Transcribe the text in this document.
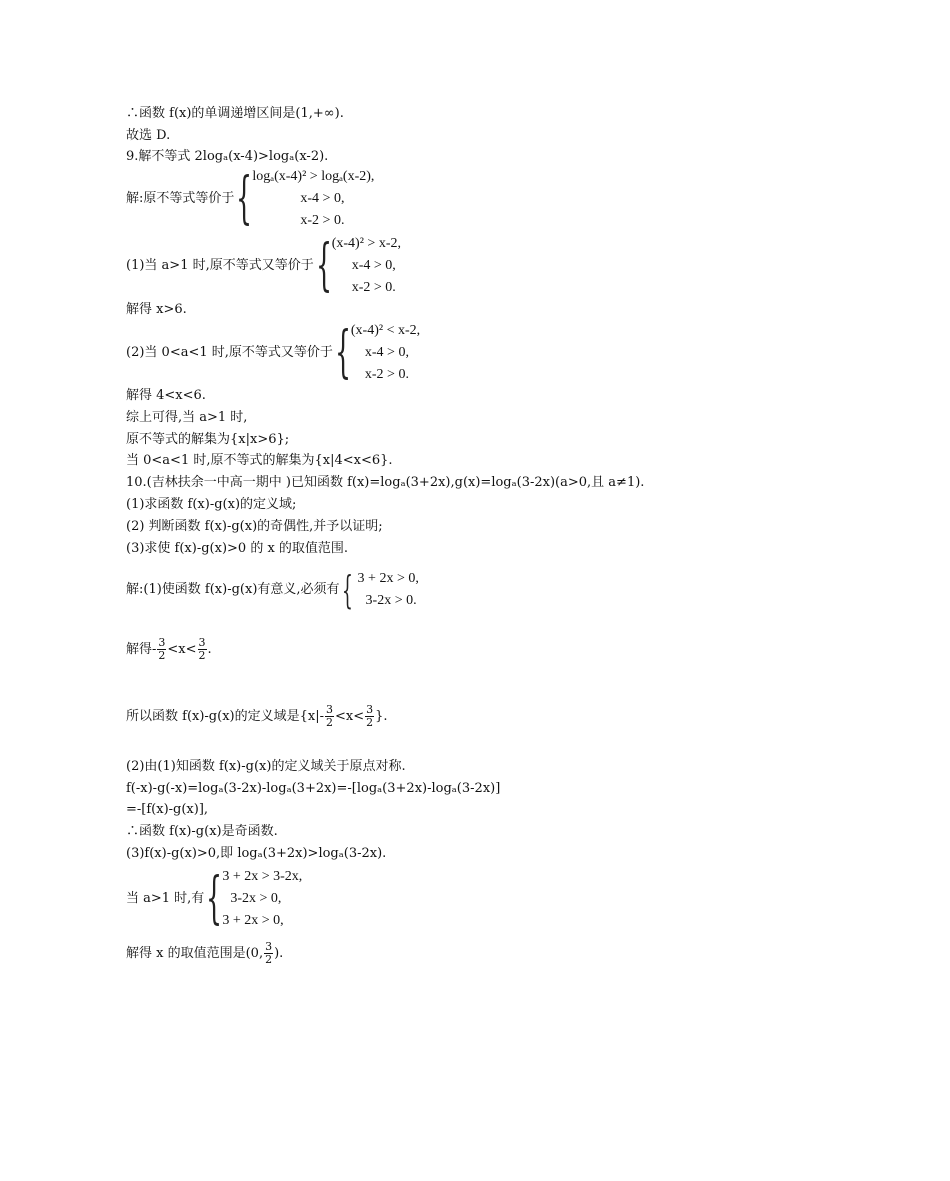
∴函数 f(x)的单调递增区间是(1,+∞).
故选 D.
9.解不等式 2logₐ(x-4)>logₐ(x-2).
解:原不等式等价于 { logₐ(x-4)² > logₐ(x-2),
x-4 > 0,
x-2 > 0.
(1)当 a>1 时,原不等式又等价于 { (x-4)² > x-2,
x-4 > 0,
x-2 > 0.
解得 x>6.
(2)当 0<a<1 时,原不等式又等价于 { (x-4)² < x-2,
x-4 > 0,
x-2 > 0.
解得 4<x<6.
综上可得,当 a>1 时,
原不等式的解集为{x|x>6};
当 0<a<1 时,原不等式的解集为{x|4<x<6}.
10.(吉林扶余一中高一期中 )已知函数 f(x)=logₐ(3+2x),g(x)=logₐ(3-2x)(a>0,且 a≠1).
(1)求函数 f(x)-g(x)的定义域;
(2) 判断函数 f(x)-g(x)的奇偶性,并予以证明;
(3)求使 f(x)-g(x)>0 的 x 的取值范围.
解:(1)使函数 f(x)-g(x)有意义,必须有 { 3 + 2x > 0,
3-2x > 0.
解得- $\frac{3}{2} <x< \frac{3}{2}$ .
所以函数 f(x)-g(x)的定义域是{$x|- \frac{3}{2} <x< \frac{3}{2}$ }.
(2)由(1)知函数 f(x)-g(x)的定义域关于原点对称.
f(-x)-g(-x)=logₐ(3-2x)-logₐ(3+2x)=-[logₐ(3+2x)-logₐ(3-2x)]
=-[f(x)-g(x)],
∴函数 f(x)-g(x)是奇函数.
(3)f(x)-g(x)>0,即 logₐ(3+2x)>logₐ(3-2x).
当 a>1 时,有 { 3 + 2x > 3-2x,
3-2x > 0,
3 + 2x > 0,
解得 x 的取值范围是(0, $\frac{3}{2}$ ).
